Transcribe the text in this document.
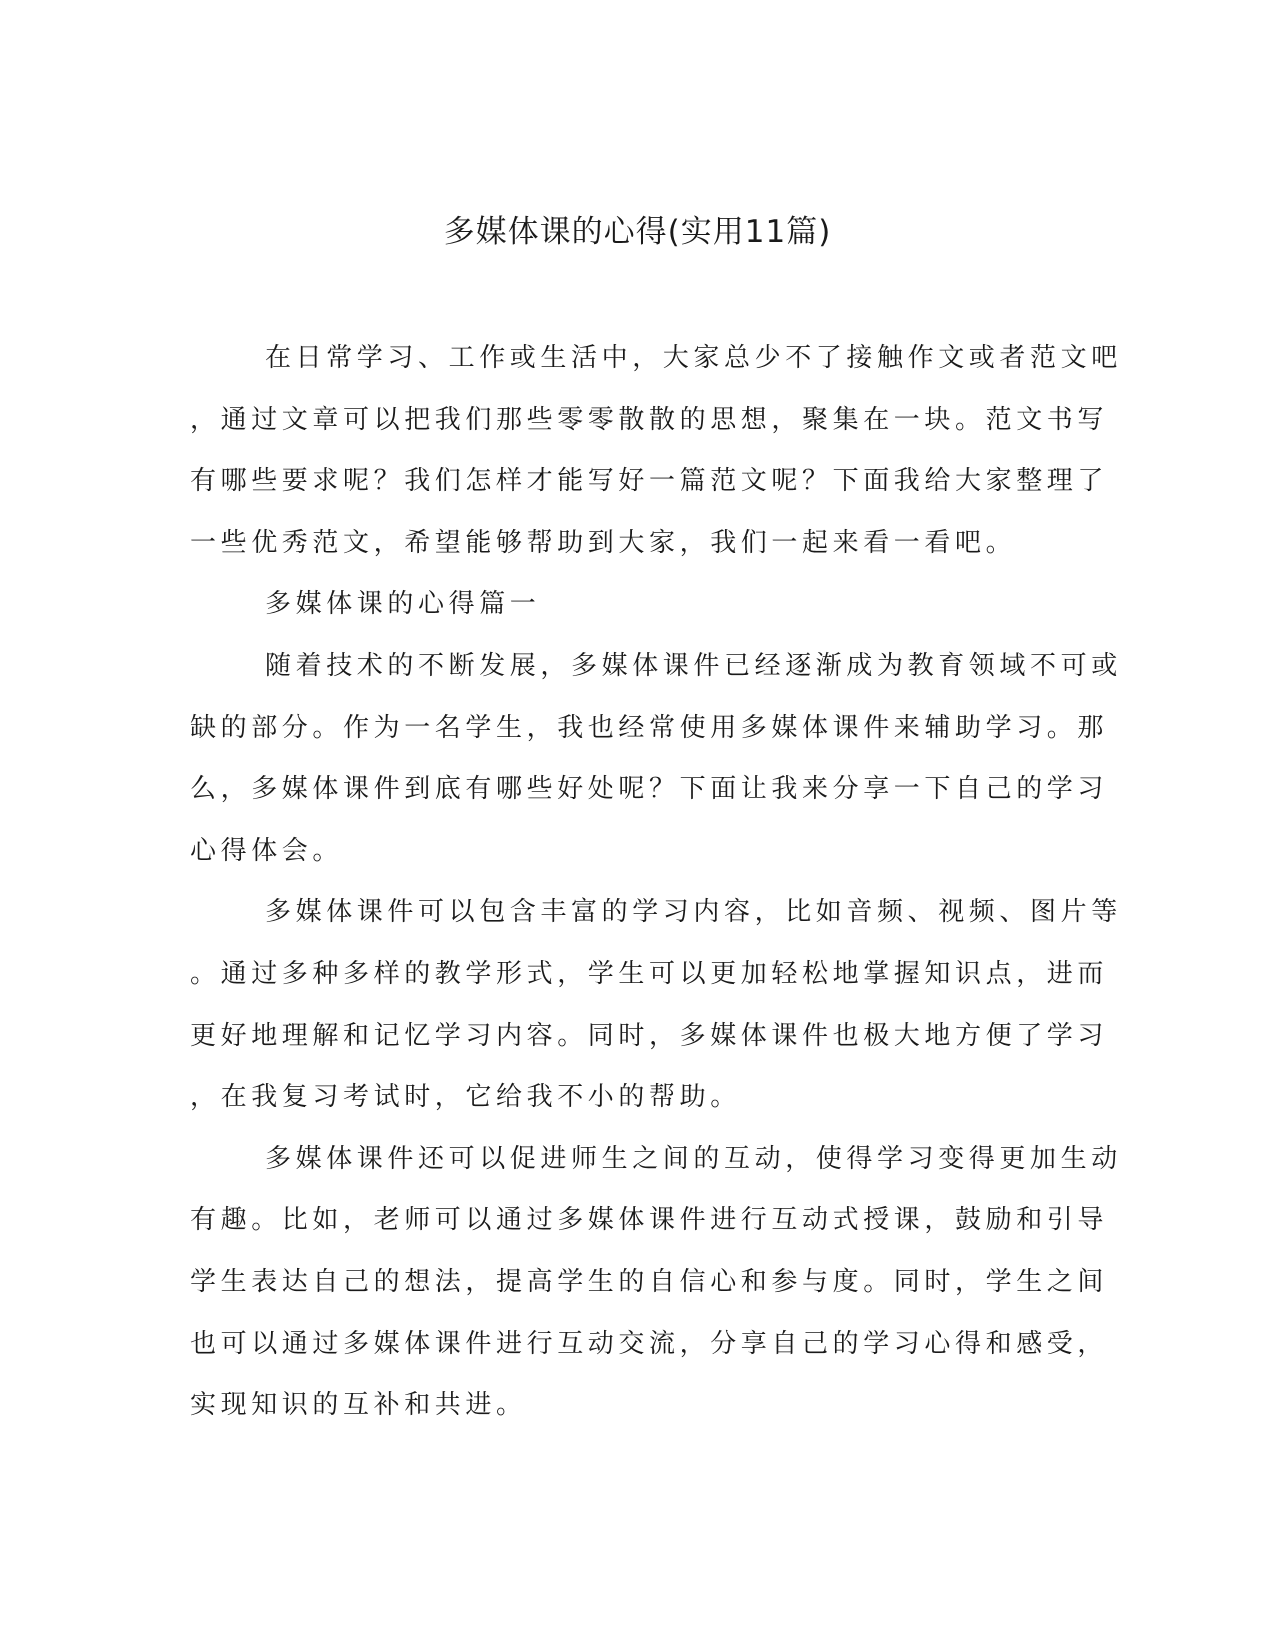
多媒体课的心得(实用11篇)

在日常学习、工作或生活中，大家总少不了接触作文或者范文吧

，通过文章可以把我们那些零零散散的思想，聚集在一块。范文书写

有哪些要求呢？我们怎样才能写好一篇范文呢？下面我给大家整理了

一些优秀范文，希望能够帮助到大家，我们一起来看一看吧。

多媒体课的心得篇一

随着技术的不断发展，多媒体课件已经逐渐成为教育领域不可或

缺的部分。作为一名学生，我也经常使用多媒体课件来辅助学习。那

么，多媒体课件到底有哪些好处呢？下面让我来分享一下自己的学习

心得体会。

多媒体课件可以包含丰富的学习内容，比如音频、视频、图片等

。通过多种多样的教学形式，学生可以更加轻松地掌握知识点，进而

更好地理解和记忆学习内容。同时，多媒体课件也极大地方便了学习

，在我复习考试时，它给我不小的帮助。

多媒体课件还可以促进师生之间的互动，使得学习变得更加生动

有趣。比如，老师可以通过多媒体课件进行互动式授课，鼓励和引导

学生表达自己的想法，提高学生的自信心和参与度。同时，学生之间

也可以通过多媒体课件进行互动交流，分享自己的学习心得和感受，

实现知识的互补和共进。
